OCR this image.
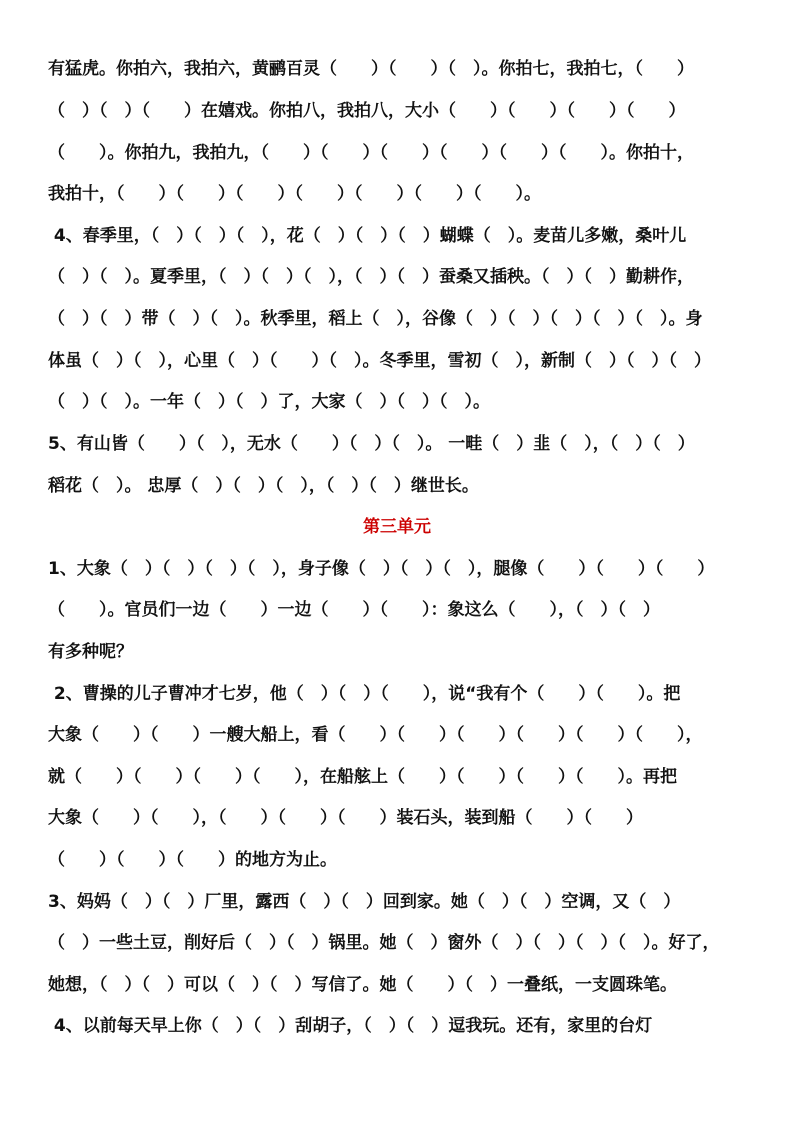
有猛虎。你拍六，我拍六，黄鹂百灵（　　）（　　）（　）。你拍七，我拍七，（　　）
（　）（　）（　　）在嬉戏。你拍八，我拍八，大小（　　）（　　）（　　）（　　）
（　　）。你拍九，我拍九，（　　）（　　）（　　）（　　）（　　）（　　）。你拍十，
我拍十，（　　）（　　）（　　）（　　）（　　）（　　）（　　）。
4、春季里，（　）（　）（　），花（　）（　）（　）蝴蝶（　）。麦苗儿多嫩，桑叶儿
（　）（　）。夏季里，（　）（　）（　），（　）（　）蚕桑又插秧。（　）（　）勤耕作，
（　）（　）带（　）（　）。秋季里，稻上（　），谷像（　）（　）（　）（　）（　）。身
体虽（　）（　），心里（　）（　　）（　）。冬季里，雪初（　），新制（　）（　）（　）
（　）（　）。一年（　）（　）了，大家（　）（　）（　）。
5、有山皆（　　）（　），无水（　　）（　）（　）。 一畦（　）韭（　），（　）（　）
稻花（　）。 忠厚（　）（　）（　），（　）（　）继世长。
第三单元
1、大象（　）（　）（　）（　），身子像（　）（　）（　），腿像（　　）（　　）（　　）
（　　）。官员们一边（　　）一边（　　）（　　）：象这么（　　），（　）（　）
有多种呢？
2、曹操的儿子曹冲才七岁，他（　）（　）（　　），说“我有个（　　）（　　）。把
大象（　　）（　　）一艘大船上，看（　　）（　　）（　　）（　　）（　　）（　　），
就（　　）（　　）（　　）（　　），在船舷上（　　）（　　）（　　）（　　）。再把
大象（　　）（　　），（　　）（　　）（　　）装石头，装到船（　　）（　　）
（　　）（　　）（　　）的地方为止。
3、妈妈（　）（　）厂里，露西（　）（　）回到家。她（　）（　）空调，又（　）
（　）一些土豆，削好后（　）（　）锅里。她（　）窗外（　）（　）（　）（　）。好了，
她想，（　）（　）可以（　）（　）写信了。她（　　）（　）一叠纸，一支圆珠笔。
4、以前每天早上你（　）（　）刮胡子，（　）（　）逗我玩。还有，家里的台灯
